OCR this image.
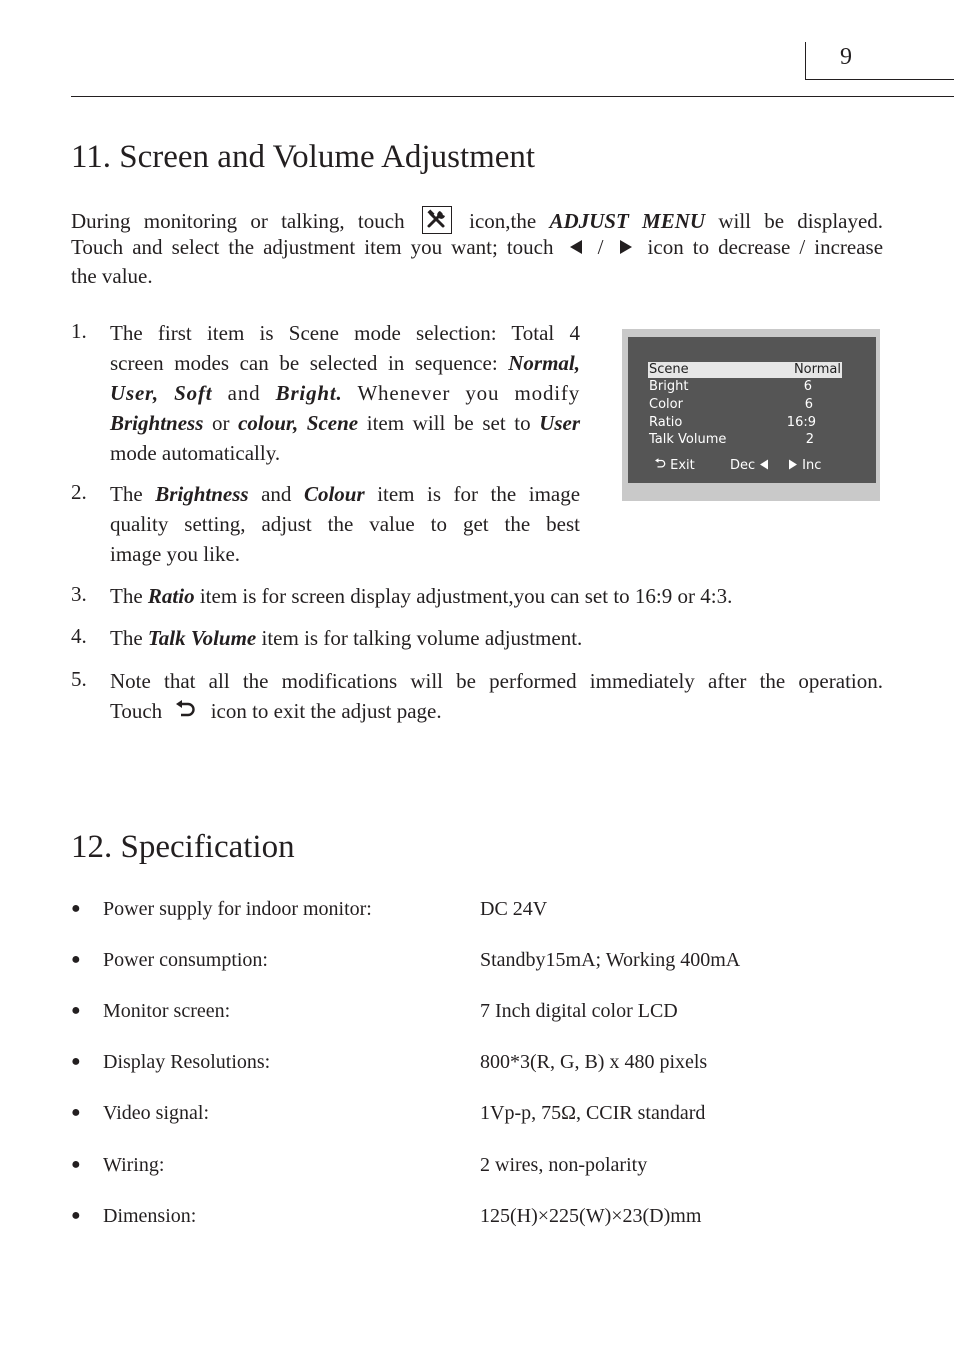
9
11. Screen and Volume Adjustment
During monitoring or talking, touch	icon,the ADJUST MENU will be displayed.
Touch and select the adjustment item you want; touch / icon to decrease / increase
the value.
1. The first item is Scene mode selection: Total 4
screen modes can be selected in sequence: Normal,
User, Soft and Bright. Whenever you modify
Brightness or colour, Scene item will be set to User
mode automatically.
2. The Brightness and Colour item is for the image
quality setting, adjust the value to get the best
image you like.
3. The Ratio item is for screen display adjustment,you can set to 16:9 or 4:3.
4. The Talk Volume item is for talking volume adjustment.
5. Note that all the modifications will be performed immediately after the operation.
Touch icon to exit the adjust page.
Scene	Normal
Bright	6
Color	6
Ratio	16:9
Talk Volume	2
Exit	Dec	Inc
12. Specification
● Power supply for indoor monitor:	DC 24V
● Power consumption:	Standby15mA; Working 400mA
● Monitor screen:	7 Inch digital color LCD
● Display Resolutions:	800*3(R, G, B) x 480 pixels
● Video signal:	1Vp-p, 75Ω, CCIR standard
● Wiring:	2 wires, non-polarity
● Dimension:	125(H)×225(W)×23(D)mm
